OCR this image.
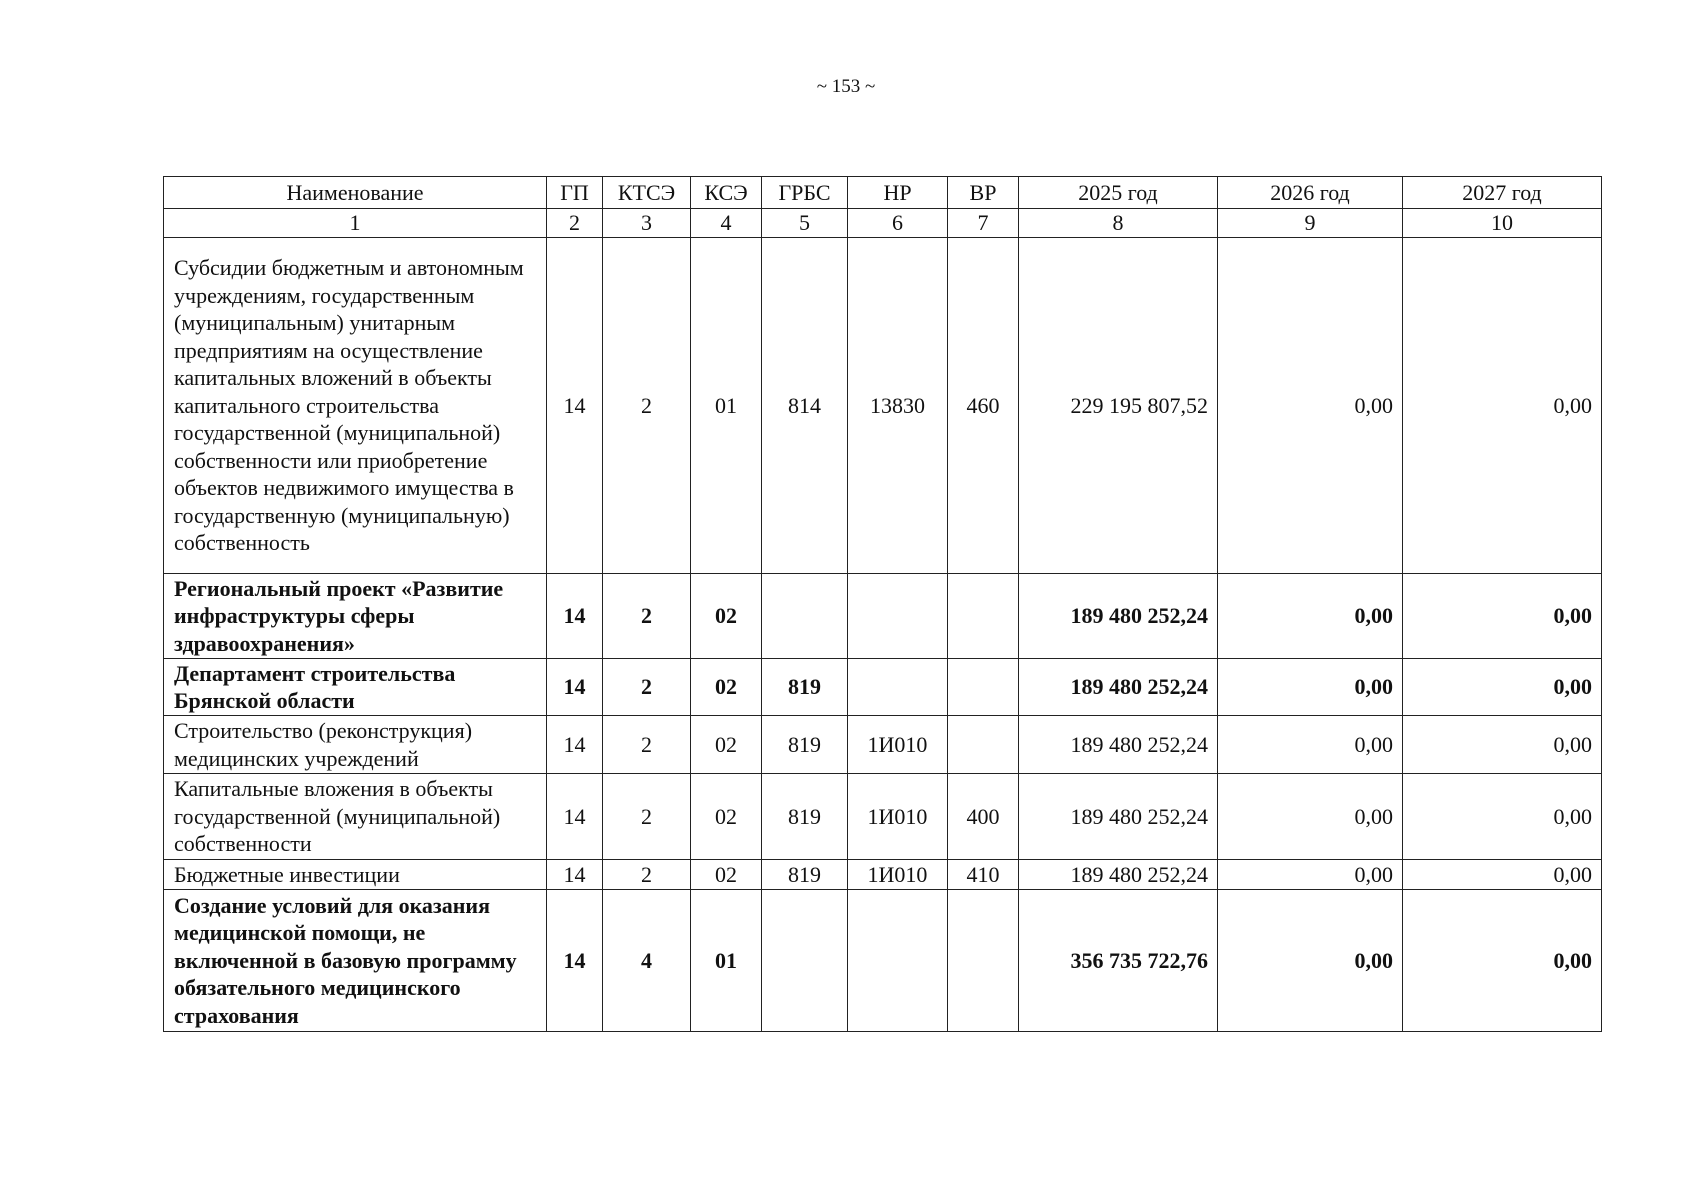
~ 153 ~
Наименование	ГП	КТСЭ	КСЭ	ГРБС	НР	ВР	2025 год	2026 год	2027 год
1	2	3	4	5	6	7	8	9	10
Субсидии бюджетным и автономным учреждениям, государственным (муниципальным) унитарным предприятиям на осуществление капитальных вложений в объекты капитального строительства государственной (муниципальной) собственности или приобретение объектов недвижимого имущества в государственную (муниципальную) собственность	14	2	01	814	13830	460	229 195 807,52	0,00	0,00
Региональный проект «Развитие инфраструктуры сферы здравоохранения»	14	2	02				189 480 252,24	0,00	0,00
Департамент строительства Брянской области	14	2	02	819			189 480 252,24	0,00	0,00
Строительство (реконструкция) медицинских учреждений	14	2	02	819	1И010		189 480 252,24	0,00	0,00
Капитальные вложения в объекты государственной (муниципальной) собственности	14	2	02	819	1И010	400	189 480 252,24	0,00	0,00
Бюджетные инвестиции	14	2	02	819	1И010	410	189 480 252,24	0,00	0,00
Создание условий для оказания медицинской помощи, не включенной в базовую программу обязательного медицинского страхования	14	4	01				356 735 722,76	0,00	0,00
